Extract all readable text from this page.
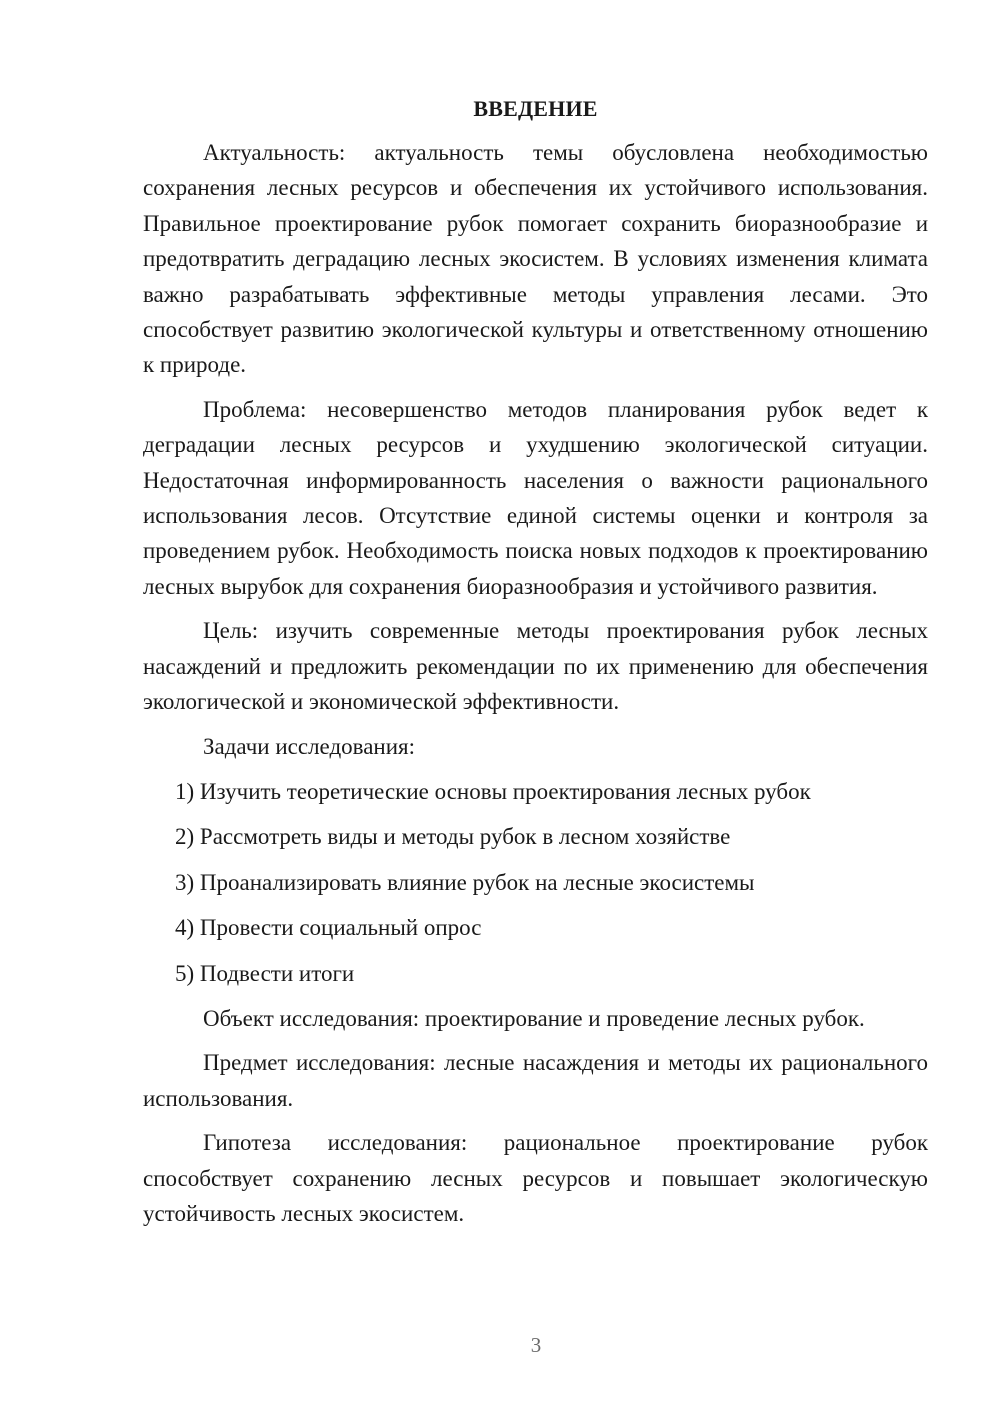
ВВЕДЕНИЕ

Актуальность: актуальность темы обусловлена необходимостью сохранения лесных ресурсов и обеспечения их устойчивого использования. Правильное проектирование рубок помогает сохранить биоразнообразие и предотвратить деградацию лесных экосистем. В условиях изменения климата важно разрабатывать эффективные методы управления лесами. Это способствует развитию экологической культуры и ответственному отношению к природе.

Проблема: несовершенство методов планирования рубок ведет к деградации лесных ресурсов и ухудшению экологической ситуации. Недостаточная информированность населения о важности рационального использования лесов. Отсутствие единой системы оценки и контроля за проведением рубок. Необходимость поиска новых подходов к проектированию лесных вырубок для сохранения биоразнообразия и устойчивого развития.

Цель: изучить современные методы проектирования рубок лесных насаждений и предложить рекомендации по их применению для обеспечения экологической и экономической эффективности.

Задачи исследования:

1) Изучить теоретические основы проектирования лесных рубок
2) Рассмотреть виды и методы рубок в лесном хозяйстве
3) Проанализировать влияние рубок на лесные экосистемы
4) Провести социальный опрос
5) Подвести итоги

Объект исследования: проектирование и проведение лесных рубок.

Предмет исследования: лесные насаждения и методы их рационального использования.

Гипотеза исследования: рациональное проектирование рубок способствует сохранению лесных ресурсов и повышает экологическую устойчивость лесных экосистем.

3
